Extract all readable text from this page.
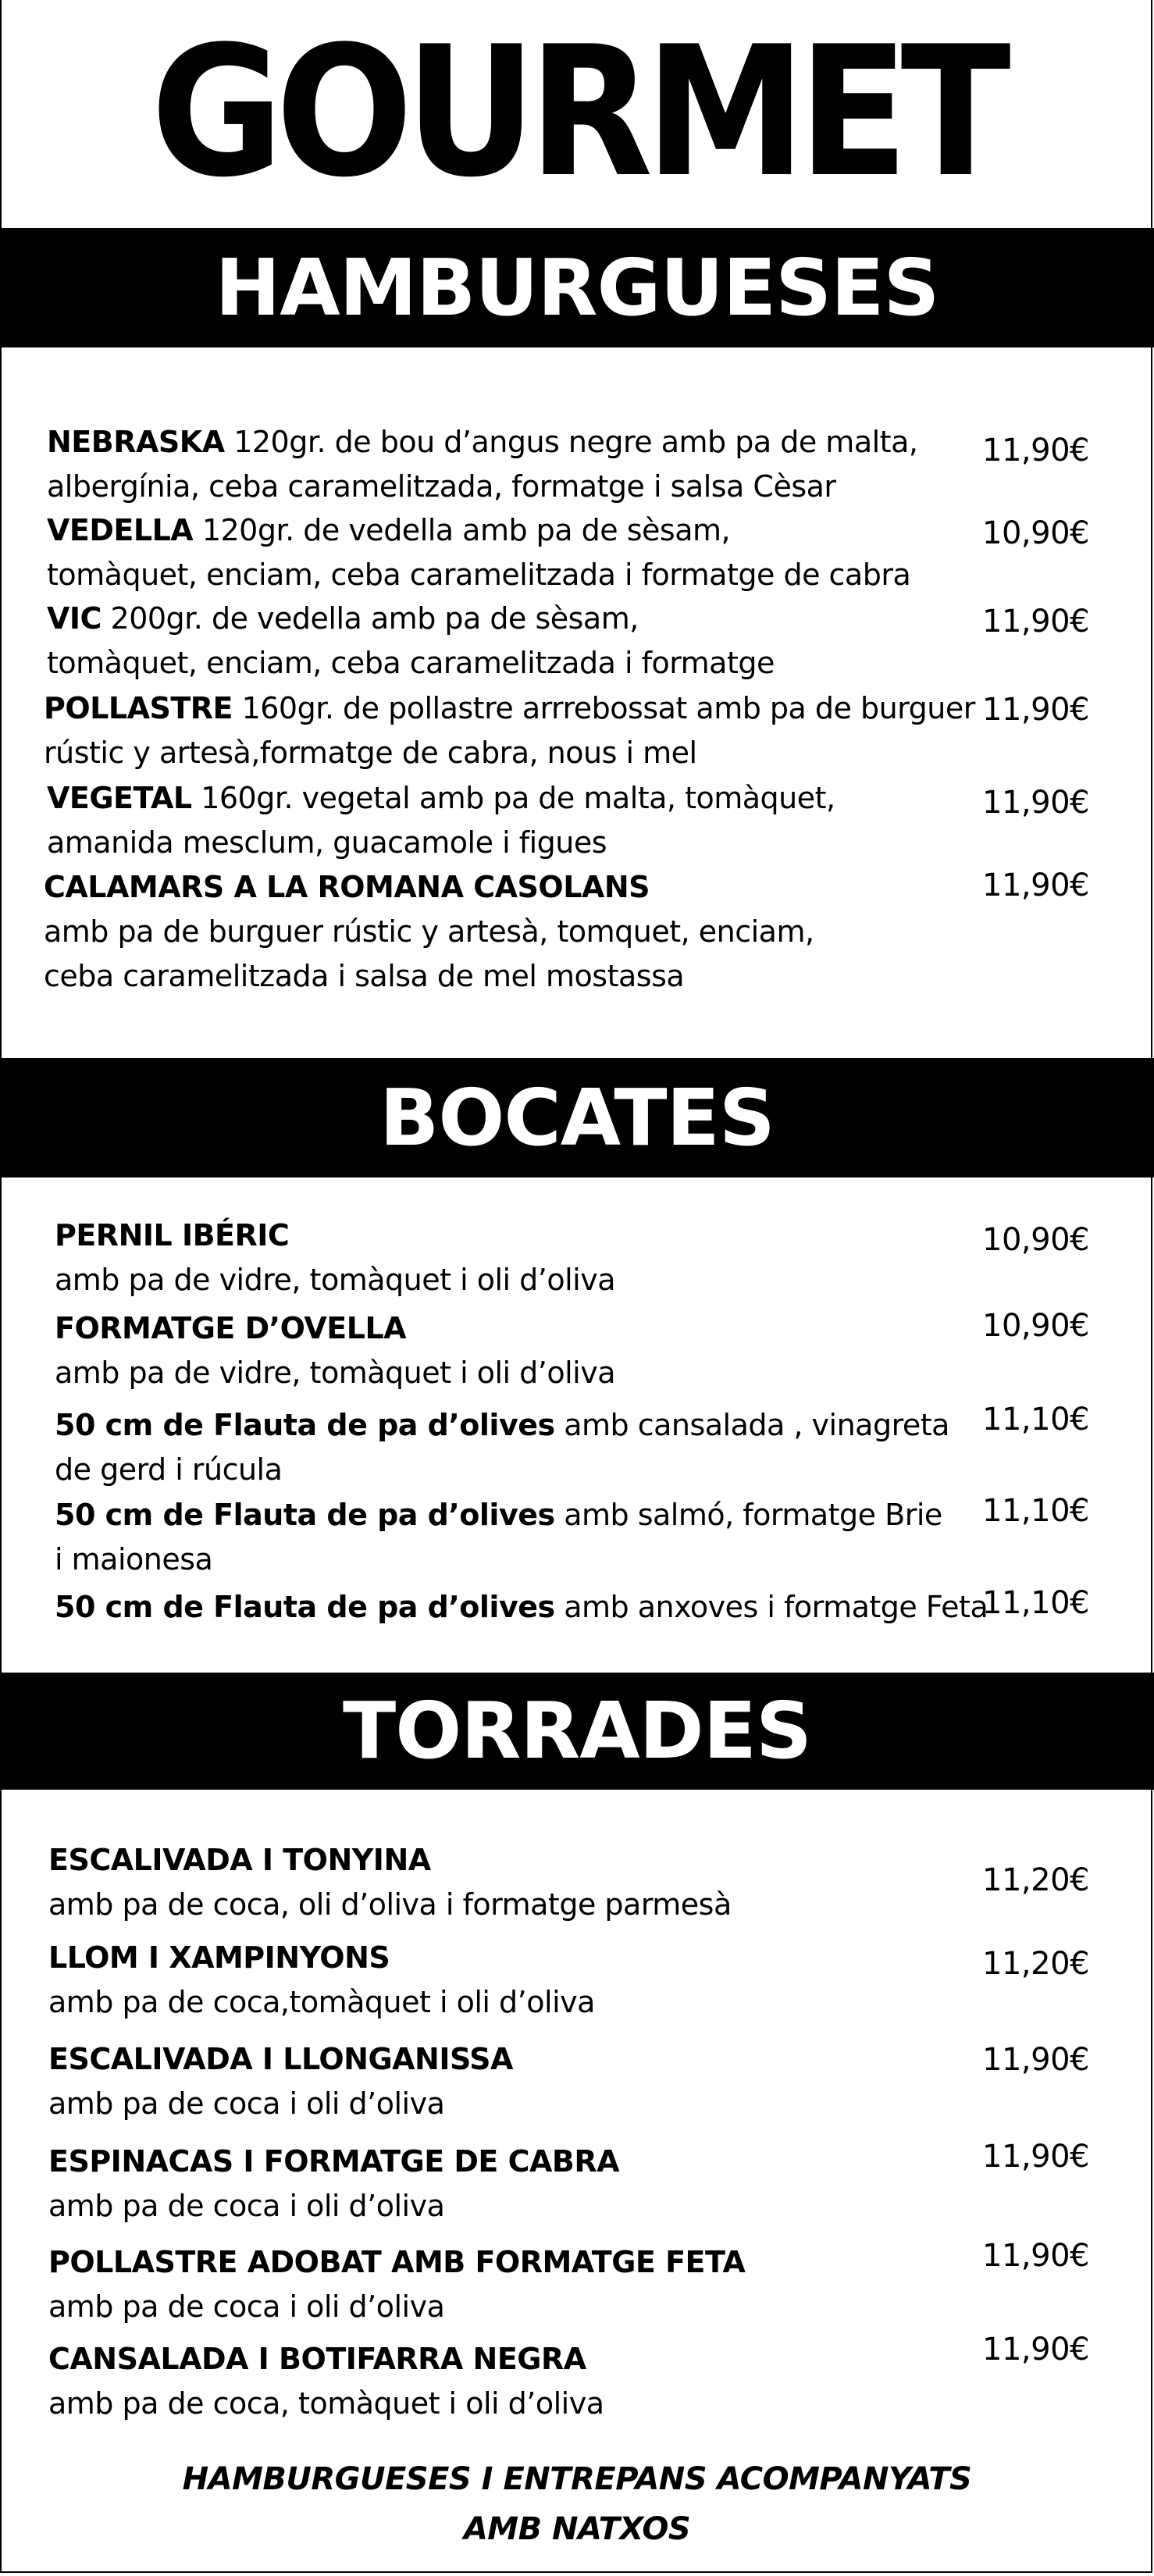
GOURMET
HAMBURGUESES
NEBRASKA 120gr. de bou d’angus negre amb pa de malta,
albergínia, ceba caramelitzada, formatge i salsa Cèsar
11,90€
VEDELLA 120gr. de vedella amb pa de sèsam,
tomàquet, enciam, ceba caramelitzada i formatge de cabra
10,90€
VIC 200gr. de vedella amb pa de sèsam,
tomàquet, enciam, ceba caramelitzada i formatge
11,90€
POLLASTRE 160gr. de pollastre arrrebossat amb pa de burguer
rústic y artesà,formatge de cabra, nous i mel
11,90€
VEGETAL 160gr. vegetal amb pa de malta, tomàquet,
amanida mesclum, guacamole i figues
11,90€
CALAMARS A LA ROMANA CASOLANS
amb pa de burguer rústic y artesà, tomquet, enciam,
ceba caramelitzada i salsa de mel mostassa
11,90€
BOCATES
PERNIL IBÉRIC
amb pa de vidre, tomàquet i oli d’oliva
10,90€
FORMATGE D’OVELLA
amb pa de vidre, tomàquet i oli d’oliva
10,90€
50 cm de Flauta de pa d’olives amb cansalada , vinagreta
de gerd i rúcula
11,10€
50 cm de Flauta de pa d’olives amb salmó, formatge Brie
i maionesa
11,10€
50 cm de Flauta de pa d’olives amb anxoves i formatge Feta
11,10€
TORRADES
ESCALIVADA I TONYINA
amb pa de coca, oli d’oliva i formatge parmesà
11,20€
LLOM I XAMPINYONS
amb pa de coca,tomàquet i oli d’oliva
11,20€
ESCALIVADA I LLONGANISSA
amb pa de coca i oli d’oliva
11,90€
ESPINACAS I FORMATGE DE CABRA
amb pa de coca i oli d’oliva
11,90€
POLLASTRE ADOBAT AMB FORMATGE FETA
amb pa de coca i oli d’oliva
11,90€
CANSALADA I BOTIFARRA NEGRA
amb pa de coca, tomàquet i oli d’oliva
11,90€
HAMBURGUESES I ENTREPANS ACOMPANYATS
AMB NATXOS
